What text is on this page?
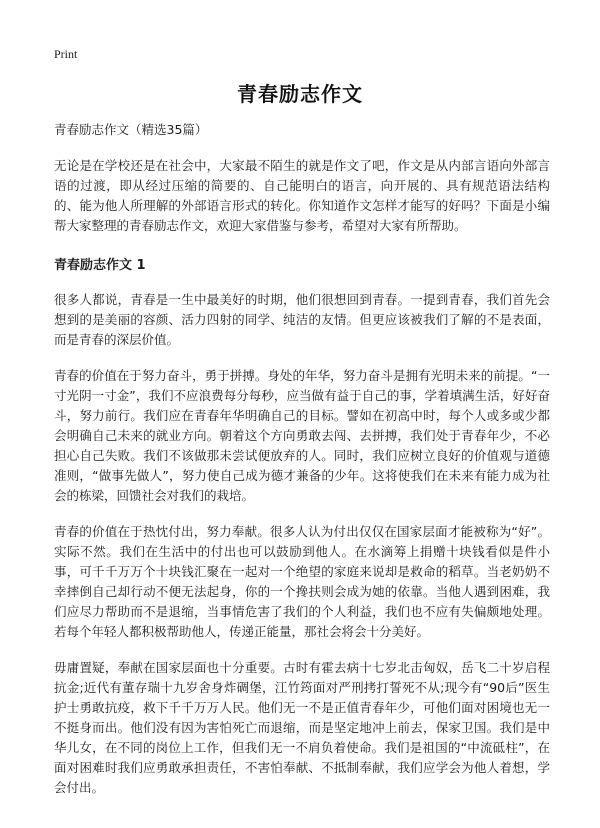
Print
青春励志作文
青春励志作文（精选35篇）

无论是在学校还是在社会中，大家最不陌生的就是作文了吧，作文是从内部言语向外部言语的过渡，即从经过压缩的简要的、自己能明白的语言，向开展的、具有规范语法结构的、能为他人所理解的外部语言形式的转化。你知道作文怎样才能写的好吗？下面是小编帮大家整理的青春励志作文，欢迎大家借鉴与参考，希望对大家有所帮助。

青春励志作文 1

很多人都说，青春是一生中最美好的时期，他们很想回到青春。一提到青春，我们首先会想到的是美丽的容颜、活力四射的同学、纯洁的友情。但更应该被我们了解的不是表面，而是青春的深层价值。

青春的价值在于努力奋斗，勇于拼搏。身处的年华，努力奋斗是拥有光明未来的前提。“一寸光阴一寸金”，我们不应浪费每分每秒，应当做有益于自己的事，学着填满生活，好好奋斗，努力前行。我们应在青春年华明确自己的目标。譬如在初高中时，每个人或多或少都会明确自己未来的就业方向。朝着这个方向勇敢去闯、去拼搏，我们处于青春年少，不必担心自己失败。我们不该做那未尝试便放弃的人。同时，我们应树立良好的价值观与道德准则，“做事先做人”，努力使自己成为德才兼备的少年。这将使我们在未来有能力成为社会的栋梁，回馈社会对我们的栽培。

青春的价值在于热忱付出，努力奉献。很多人认为付出仅仅在国家层面才能被称为“好”。实际不然。我们在生活中的付出也可以鼓励到他人。在水滴筹上捐赠十块钱看似是件小事，可千千万万个十块钱汇聚在一起对一个绝望的家庭来说却是救命的稻草。当老奶奶不幸摔倒自己却行动不便无法起身，你的一个搀扶则会成为她的依靠。当他人遇到困难，我们应尽力帮助而不是退缩，当事情危害了我们的个人利益，我们也不应有失偏颇地处理。若每个年轻人都积极帮助他人，传递正能量，那社会将会十分美好。

毋庸置疑，奉献在国家层面也十分重要。古时有霍去病十七岁北击匈奴，岳飞二十岁启程抗金;近代有董存瑞十九岁舍身炸碉堡，江竹筠面对严刑拷打誓死不从;现今有“90后”医生护士勇敢抗疫，救下千千万万人民。他们无一不是正值青春年少，可他们面对困境也无一不挺身而出。他们没有因为害怕死亡而退缩，而是坚定地冲上前去，保家卫国。我们是中华儿女，在不同的岗位上工作，但我们无一不肩负着使命。我们是祖国的“中流砥柱”，在面对困难时我们应勇敢承担责任，不害怕奉献、不抵制奉献，我们应学会为他人着想，学会付出。
